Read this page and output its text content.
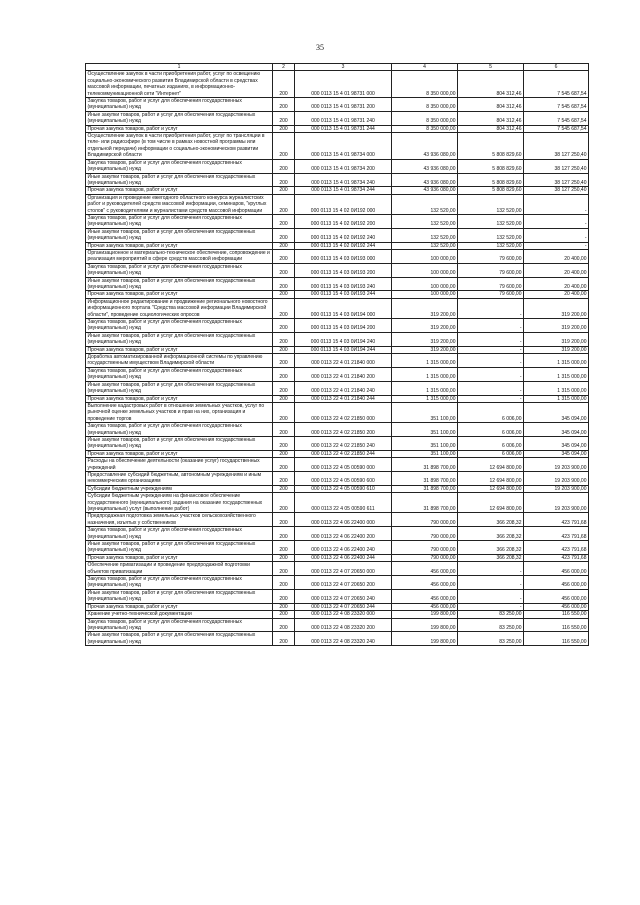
35
1	2	3	4	5	6
Осуществление закупок в части приобретения работ, услуг по освещению социально-экономического развития Владимирской области в средствах массовой информации, печатных изданиях, в информационно-телекоммуникационной сети "Интернет"	200	000 0113 15 4 01 98731 000	8 350 000,00	804 312,46	7 545 687,54
Закупка товаров, работ и услуг для обеспечения государственных (муниципальных) нужд	200	000 0113 15 4 01 98731 200	8 350 000,00	804 312,46	7 545 687,54
Иные закупки товаров, работ и услуг для обеспечения государственных (муниципальных) нужд	200	000 0113 15 4 01 98731 240	8 350 000,00	804 312,46	7 545 687,54
Прочая закупка товаров, работ и услуг	200	000 0113 15 4 01 98731 244	8 350 000,00	804 312,46	7 545 687,54
Осуществление закупок в части приобретения работ, услуг по трансляции в теле- или радиоэфире (в том числе в рамках новостной программы или отдельной передачи) информации о социально-экономическом развитии Владимирской области	200	000 0113 15 4 01 98734 000	43 936 080,00	5 808 829,60	38 127 250,40
Закупка товаров, работ и услуг для обеспечения государственных (муниципальных) нужд	200	000 0113 15 4 01 98734 200	43 936 080,00	5 808 829,60	38 127 250,40
Иные закупки товаров, работ и услуг для обеспечения государственных (муниципальных) нужд	200	000 0113 15 4 01 98734 240	43 936 080,00	5 808 829,60	38 127 250,40
Прочая закупка товаров, работ и услуг	200	000 0113 15 4 01 98734 244	43 936 080,00	5 808 829,60	38 127 250,40
Организация и проведение ежегодного областного конкурса журналистских работ и руководителей средств массовой информации, семинаров, "круглых столов" с руководителями и журналистами средств массовой информации	200	000 0113 15 4 02 0И192 000	132 520,00	132 520,00	-
Закупка товаров, работ и услуг для обеспечения государственных (муниципальных) нужд	200	000 0113 15 4 02 0И192 200	132 520,00	132 520,00	-
Иные закупки товаров, работ и услуг для обеспечения государственных (муниципальных) нужд	200	000 0113 15 4 02 0И192 240	132 520,00	132 520,00	-
Прочая закупка товаров, работ и услуг	200	000 0113 15 4 02 0И192 244	132 520,00	132 520,00	-
Организационное и материально-техническое обеспечение, сопровождение и реализация мероприятий в сфере средств массовой информации	200	000 0113 15 4 03 0И193 000	100 000,00	79 600,00	20 400,00
Закупка товаров, работ и услуг для обеспечения государственных (муниципальных) нужд	200	000 0113 15 4 03 0И193 200	100 000,00	79 600,00	20 400,00
Иные закупки товаров, работ и услуг для обеспечения государственных (муниципальных) нужд	200	000 0113 15 4 03 0И193 240	100 000,00	79 600,00	20 400,00
Прочая закупка товаров, работ и услуг	200	000 0113 15 4 03 0И193 244	100 000,00	79 600,00	20 400,00
Информационное редактирование и продвижение регионального новостного информационного портала "Средства массовой информации Владимирской области", проведение социологических опросов	200	000 0113 15 4 03 0И194 000	319 200,00	-	319 200,00
Закупка товаров, работ и услуг для обеспечения государственных (муниципальных) нужд	200	000 0113 15 4 03 0И194 200	319 200,00	-	319 200,00
Иные закупки товаров, работ и услуг для обеспечения государственных (муниципальных) нужд	200	000 0113 15 4 03 0И194 240	319 200,00	-	319 200,00
Прочая закупка товаров, работ и услуг	200	000 0113 15 4 03 0И194 244	319 200,00	-	319 200,00
Доработка автоматизированной информационной системы по управлению государственным имуществом Владимирской области	200	000 0113 22 4 01 21840 000	1 315 000,00	-	1 315 000,00
Закупка товаров, работ и услуг для обеспечения государственных (муниципальных) нужд	200	000 0113 22 4 01 21840 200	1 315 000,00	-	1 315 000,00
Иные закупки товаров, работ и услуг для обеспечения государственных (муниципальных) нужд	200	000 0113 22 4 01 21840 240	1 315 000,00	-	1 315 000,00
Прочая закупка товаров, работ и услуг	200	000 0113 22 4 01 21840 244	1 315 000,00	-	1 315 000,00
Выполнение кадастровых работ в отношении земельных участков, услуг по рыночной оценке земельных участков и прав на них, организация и проведение торгов	200	000 0113 22 4 02 21850 000	351 100,00	6 006,00	345 094,00
Закупка товаров, работ и услуг для обеспечения государственных (муниципальных) нужд	200	000 0113 22 4 02 21850 200	351 100,00	6 006,00	345 094,00
Иные закупки товаров, работ и услуг для обеспечения государственных (муниципальных) нужд	200	000 0113 22 4 02 21850 240	351 100,00	6 006,00	345 094,00
Прочая закупка товаров, работ и услуг	200	000 0113 22 4 02 21850 244	351 100,00	6 006,00	345 094,00
Расходы на обеспечение деятельности (оказание услуг) государственных учреждений	200	000 0113 22 4 05 00590 000	31 898 700,00	12 694 800,00	19 203 900,00
Предоставление субсидий бюджетным, автономным учреждениям и иным некоммерческим организациям	200	000 0113 22 4 05 00590 600	31 898 700,00	12 694 800,00	19 203 900,00
Субсидии бюджетным учреждениям	200	000 0113 22 4 05 00590 610	31 898 700,00	12 694 800,00	19 203 900,00
Субсидии бюджетным учреждениям на финансовое обеспечение государственного (муниципального) задания на оказание государственных (муниципальных) услуг (выполнение работ)	200	000 0113 22 4 05 00590 611	31 898 700,00	12 694 800,00	19 203 900,00
Предпродажная подготовка земельных участков сельскохозяйственного назначения, изъятых у собственников	200	000 0113 22 4 06 22400 000	790 000,00	366 208,32	423 791,68
Закупка товаров, работ и услуг для обеспечения государственных (муниципальных) нужд	200	000 0113 22 4 06 22400 200	790 000,00	366 208,32	423 791,68
Иные закупки товаров, работ и услуг для обеспечения государственных (муниципальных) нужд	200	000 0113 22 4 06 22400 240	790 000,00	366 208,32	423 791,68
Прочая закупка товаров, работ и услуг	200	000 0113 22 4 06 22400 244	790 000,00	366 208,32	423 791,68
Обеспечение приватизации и проведение предпродажной подготовки объектов приватизации	200	000 0113 22 4 07 20650 000	456 000,00	-	456 000,00
Закупка товаров, работ и услуг для обеспечения государственных (муниципальных) нужд	200	000 0113 22 4 07 20650 200	456 000,00	-	456 000,00
Иные закупки товаров, работ и услуг для обеспечения государственных (муниципальных) нужд	200	000 0113 22 4 07 20650 240	456 000,00	-	456 000,00
Прочая закупка товаров, работ и услуг	200	000 0113 22 4 07 20650 244	456 000,00	-	456 000,00
Хранение учетно-технической документации	200	000 0113 22 4 08 23320 000	199 800,00	83 250,00	116 550,00
Закупка товаров, работ и услуг для обеспечения государственных (муниципальных) нужд	200	000 0113 22 4 08 23320 200	199 800,00	83 250,00	116 550,00
Иные закупки товаров, работ и услуг для обеспечения государственных (муниципальных) нужд	200	000 0113 22 4 08 23320 240	199 800,00	83 250,00	116 550,00
